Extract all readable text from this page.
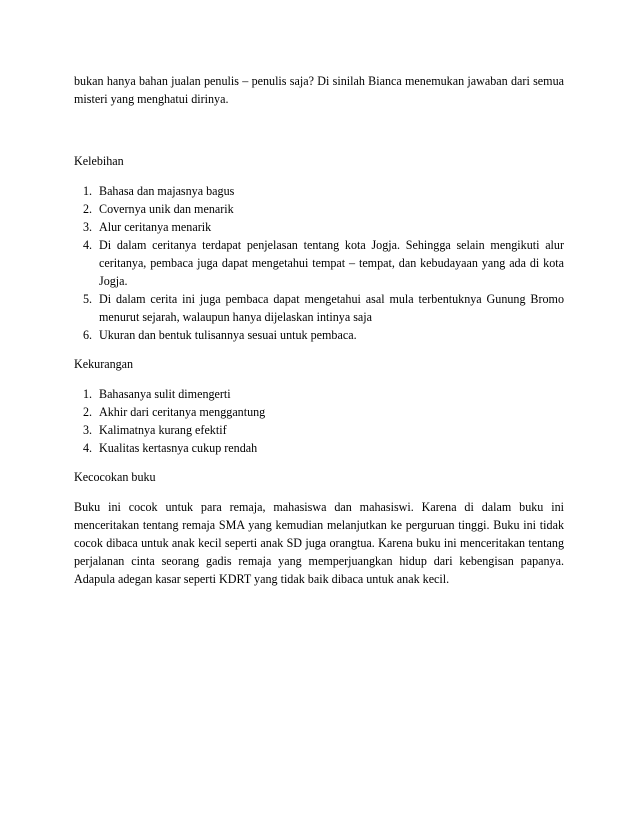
bukan hanya bahan jualan penulis – penulis saja? Di sinilah Bianca menemukan jawaban dari semua misteri yang menghatui dirinya.

Kelebihan

1. Bahasa dan majasnya bagus
2. Covernya unik dan menarik
3. Alur ceritanya menarik
4. Di dalam ceritanya terdapat penjelasan tentang kota Jogja. Sehingga selain mengikuti alur ceritanya, pembaca juga dapat mengetahui tempat – tempat, dan kebudayaan yang ada di kota Jogja.
5. Di dalam cerita ini juga pembaca dapat mengetahui asal mula terbentuknya Gunung Bromo menurut sejarah, walaupun hanya dijelaskan intinya saja
6. Ukuran dan bentuk tulisannya sesuai untuk pembaca.

Kekurangan

1. Bahasanya sulit dimengerti
2. Akhir dari ceritanya menggantung
3. Kalimatnya kurang efektif
4. Kualitas kertasnya cukup rendah

Kecocokan buku

Buku ini cocok untuk para remaja, mahasiswa dan mahasiswi. Karena di dalam buku ini menceritakan tentang remaja SMA yang kemudian melanjutkan ke perguruan tinggi. Buku ini tidak cocok dibaca untuk anak kecil seperti anak SD juga orangtua. Karena buku ini menceritakan tentang perjalanan cinta seorang gadis remaja yang memperjuangkan hidup dari kebengisan papanya. Adapula adegan kasar seperti KDRT yang tidak baik dibaca untuk anak kecil.
